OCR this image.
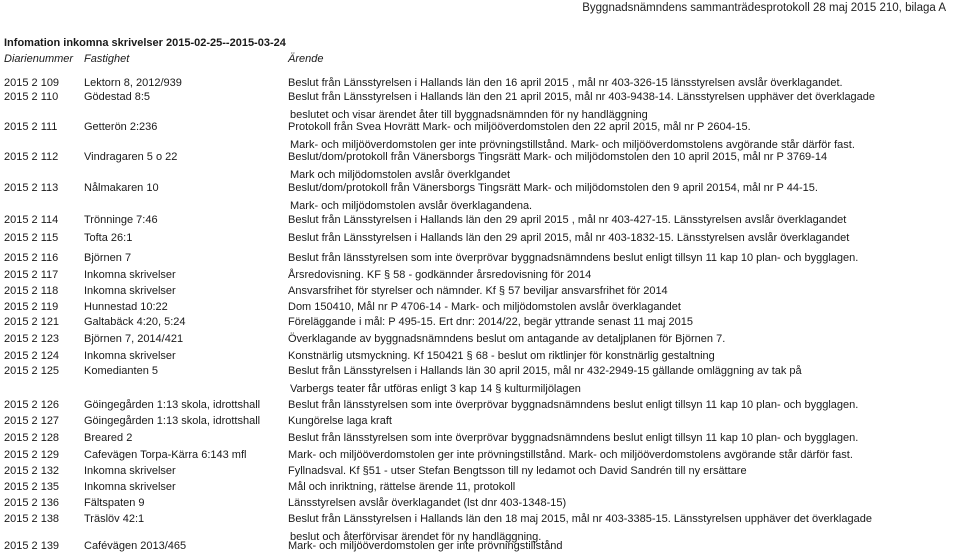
Byggnadsnämndens sammanträdesprotokoll 28 maj 2015 210, bilaga A
Infomation inkomna skrivelser 2015-02-25--2015-03-24
Diarienummer Fastighet	Ärende
2015 2 109	Lektorn 8, 2012/939	Beslut från Länsstyrelsen i Hallands län den 16 april 2015 , mål nr 403-326-15 länsstyrelsen avslår överklagandet.
2015 2 110	Gödestad 8:5	Beslut från Länsstyrelsen i Hallands län den 21 april 2015, mål nr 403-9438-14. Länsstyrelsen upphäver det överklagade
beslutet och visar ärendet åter till byggnadsnämnden för ny handläggning
2015 2 111	Getterön 2:236	Protokoll från Svea Hovrätt Mark- och miljööverdomstolen den 22 april 2015, mål nr P 2604-15.
Mark- och miljööverdomstolen ger inte prövningstillstånd. Mark- och miljööverdomstolens avgörande står därför fast.
2015 2 112	Vindragaren 5 o 22	Beslut/dom/protokoll från Vänersborgs Tingsrätt Mark- och miljödomstolen den 10 april 2015, mål nr P 3769-14
Mark och miljödomstolen avslår överklgandet
2015 2 113	Nålmakaren 10	Beslut/dom/protokoll från Vänersborgs Tingsrätt Mark- och miljödomstolen den 9 april 20154, mål nr P 44-15.
Mark- och miljödomstolen avslår överklagandena.
2015 2 114	Trönninge 7:46	Beslut från Länsstyrelsen i Hallands län den 29 april 2015 , mål nr 403-427-15. Länsstyrelsen avslår överklagandet
2015 2 115	Tofta 26:1	Beslut från Länsstyrelsen i Hallands län den 29 april 2015, mål nr 403-1832-15. Länsstyrelsen avslår överklagandet
2015 2 116	Björnen 7	Beslut från länsstyrelsen som inte överprövar byggnadsnämndens beslut enligt tillsyn 11 kap 10 plan- och bygglagen.
2015 2 117	Inkomna skrivelser	Årsredovisning. KF § 58 - godkännder årsredovisning för 2014
2015 2 118	Inkomna skrivelser	Ansvarsfrihet för styrelser och nämnder. Kf § 57 beviljar ansvarsfrihet för 2014
2015 2 119	Hunnestad 10:22	Dom 150410, Mål nr P 4706-14 - Mark- och miljödomstolen avslår överklagandet
2015 2 121	Galtabäck 4:20, 5:24	Föreläggande i mål: P 495-15. Ert dnr: 2014/22, begär yttrande senast 11 maj 2015
2015 2 123	Björnen 7, 2014/421	Överklagande av byggnadsnämndens beslut om antagande av detaljplanen för Björnen 7.
2015 2 124	Inkomna skrivelser	Konstnärlig utsmyckning. Kf 150421 § 68 - beslut om riktlinjer för konstnärlig gestaltning
2015 2 125	Komedianten 5	Beslut från Länsstyrelsen i Hallands län 30 april 2015, mål nr 432-2949-15 gällande omläggning av tak på
Varbergs teater får utföras enligt 3 kap 14 § kulturmiljölagen
2015 2 126	Göingegården 1:13 skola, idrottshall	Beslut från länsstyrelsen som inte överprövar byggnadsnämndens beslut enligt tillsyn 11 kap 10 plan- och bygglagen.
2015 2 127	Göingegården 1:13 skola, idrottshall	Kungörelse laga kraft
2015 2 128	Breared 2	Beslut från länsstyrelsen som inte överprövar byggnadsnämndens beslut enligt tillsyn 11 kap 10 plan- och bygglagen.
2015 2 129	Cafevägen Torpa-Kärra 6:143 mfl	Mark- och miljööverdomstolen ger inte prövningstillstånd. Mark- och miljööverdomstolens avgörande står därför fast.
2015 2 132	Inkomna skrivelser	Fyllnadsval. Kf §51 - utser Stefan Bengtsson till ny ledamot och David Sandrén till ny ersättare
2015 2 135	Inkomna skrivelser	Mål och inriktning, rättelse ärende 11, protokoll
2015 2 136	Fältspaten 9	Länsstyrelsen avslår överklagandet (lst dnr 403-1348-15)
2015 2 138	Träslöv 42:1	Beslut från Länsstyrelsen i Hallands län den 18 maj 2015, mål nr 403-3385-15. Länsstyrelsen upphäver det överklagade
beslut och återförvisar ärendet för ny handläggning.
2015 2 139	Cafévägen 2013/465	Mark- och miljööverdomstolen ger inte prövningstillstånd
